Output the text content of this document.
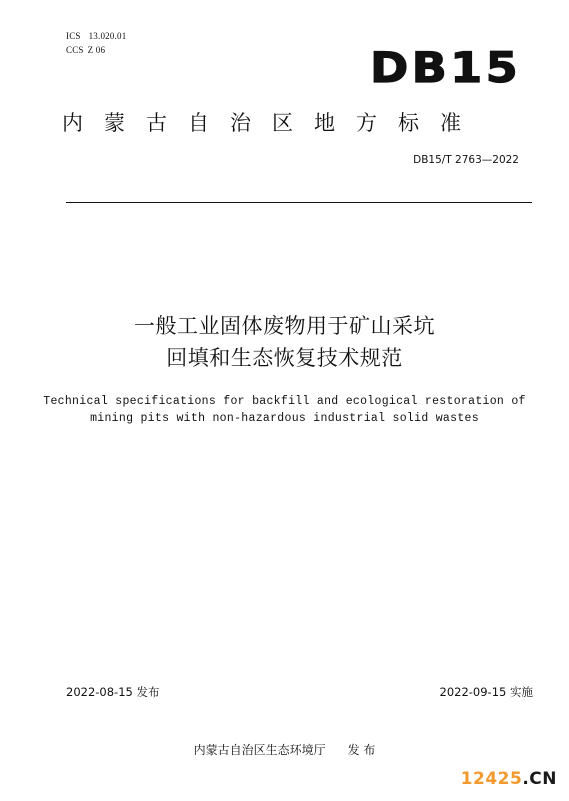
ICS 13.020.01
CCS Z 06	DB15
内蒙古自治区地方标准
DB15/T 2763—2022
一般工业固体废物用于矿山采坑
回填和生态恢复技术规范
Technical specifications for backfill and ecological restoration of
mining pits with non-hazardous industrial solid wastes
2022-08-15 发布	2022-09-15 实施
内蒙古自治区生态环境厅 发 布
12425.CN
